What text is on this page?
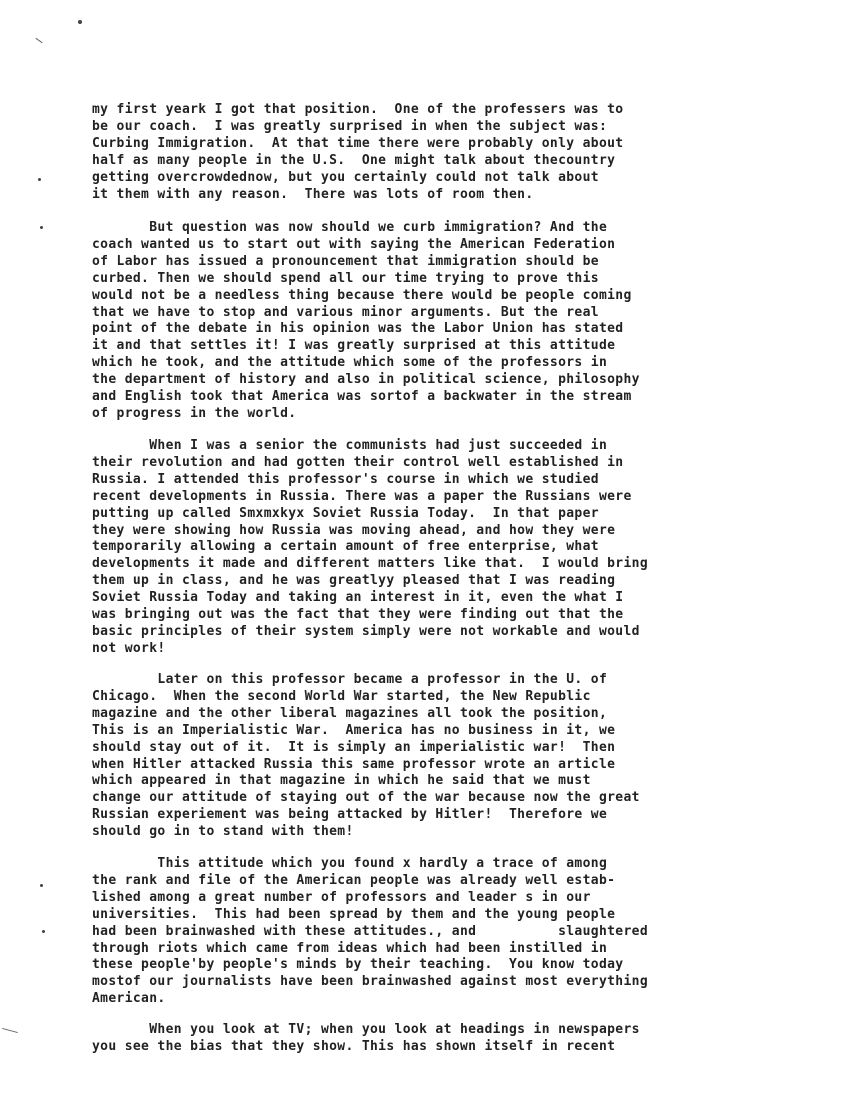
my first yeark I got that position.  One of the professers was to
be our coach.  I was greatly surprised in when the subject was:
Curbing Immigration.  At that time there were probably only about
half as many people in the U.S.  One might talk about thecountry
getting overcrowdednow, but you certainly could not talk about
it them with any reason.  There was lots of room then.
But question was now should we curb immigration? And the
coach wanted us to start out with saying the American Federation
of Labor has issued a pronouncement that immigration should be
curbed. Then we should spend all our time trying to prove this
would not be a needless thing because there would be people coming
that we have to stop and various minor arguments. But the real
point of the debate in his opinion was the Labor Union has stated
it and that settles it! I was greatly surprised at this attitude
which he took, and the attitude which some of the professors in
the department of history and also in political science, philosophy
and English took that America was sortof a backwater in the stream
of progress in the world.
When I was a senior the communists had just succeeded in
their revolution and had gotten their control well established in
Russia. I attended this professor's course in which we studied
recent developments in Russia. There was a paper the Russians were
putting up called Smxmxkyx Soviet Russia Today.  In that paper
they were showing how Russia was moving ahead, and how they were
temporarily allowing a certain amount of free enterprise, what
developments it made and different matters like that.  I would bring
them up in class, and he was greatlyy pleased that I was reading
Soviet Russia Today and taking an interest in it, even the what I
was bringing out was the fact that they were finding out that the
basic principles of their system simply were not workable and would
not work!
Later on this professor became a professor in the U. of
Chicago.  When the second World War started, the New Republic
magazine and the other liberal magazines all took the position,
This is an Imperialistic War.  America has no business in it, we
should stay out of it.  It is simply an imperialistic war!  Then
when Hitler attacked Russia this same professor wrote an article
which appeared in that magazine in which he said that we must
change our attitude of staying out of the war because now the great
Russian experiement was being attacked by Hitler!  Therefore we
should go in to stand with them!
This attitude which you found x hardly a trace of among
the rank and file of the American people was already well estab-
lished among a great number of professors and leader s in our
universities.  This had been spread by them and the young people
had been brainwashed with these attitudes., and          slaughtered
through riots which came from ideas which had been instilled in
these people'by people's minds by their teaching.  You know today
mostof our journalists have been brainwashed against most everything
American.
When you look at TV; when you look at headings in newspapers
you see the bias that they show. This has shown itself in recent
